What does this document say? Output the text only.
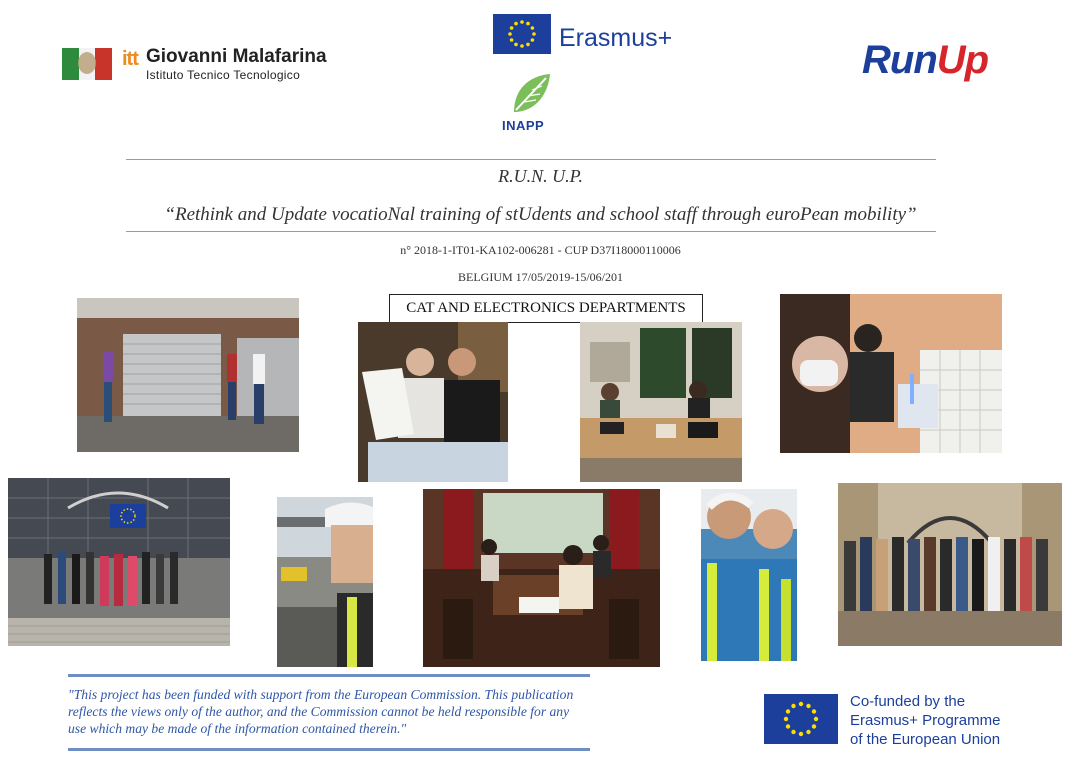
itt Giovanni Malafarina
Istituto Tecnico Tecnologico
Erasmus+
INAPP
RunUp
R.U.N. U.P.
“Rethink and Update vocatioNal training of stUdents and school staff through euroPean mobility”
n° 2018-1-IT01-KA102-006281 - CUP D37I18000110006
BELGIUM 17/05/2019-15/06/201
CAT AND ELECTRONICS DEPARTMENTS
"This project has been funded with support from the European Commission. This publication reflects the views only of the author, and the Commission cannot be held responsible for any use which may be made of the information contained therein."
Co-funded by the
Erasmus+ Programme
of the European Union
